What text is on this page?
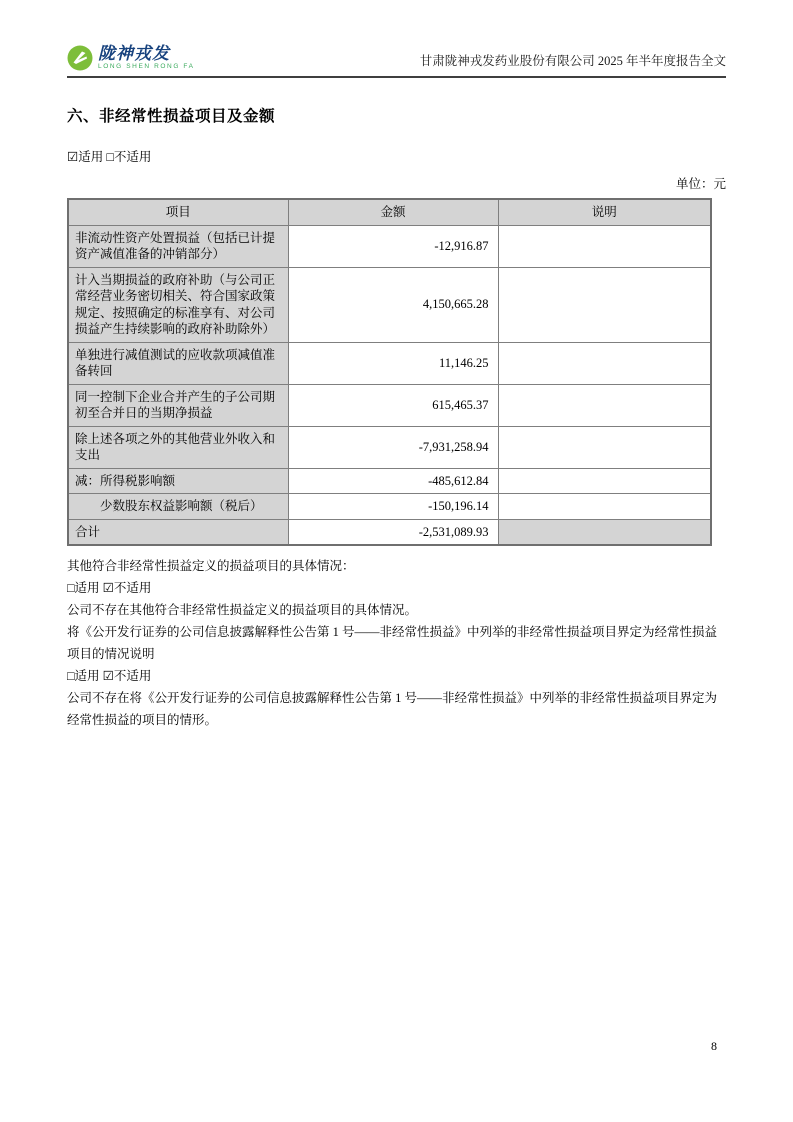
陇神戎发
LONG SHEN RONG FA	甘肃陇神戎发药业股份有限公司 2025 年半年度报告全文
六、非经常性损益项目及金额
☑适用 □不适用
单位：元
项目	金额	说明
非流动性资产处置损益（包括已计提资产减值准备的冲销部分）	-12,916.87	
计入当期损益的政府补助（与公司正常经营业务密切相关、符合国家政策规定、按照确定的标准享有、对公司损益产生持续影响的政府补助除外）	4,150,665.28	
单独进行减值测试的应收款项减值准备转回	11,146.25	
同一控制下企业合并产生的子公司期初至合并日的当期净损益	615,465.37	
除上述各项之外的其他营业外收入和支出	-7,931,258.94	
减：所得税影响额	-485,612.84	
　　少数股东权益影响额（税后）	-150,196.14	
合计	-2,531,089.93	

其他符合非经常性损益定义的损益项目的具体情况：

□适用 ☑不适用

公司不存在其他符合非经常性损益定义的损益项目的具体情况。

将《公开发行证券的公司信息披露解释性公告第 1 号——非经常性损益》中列举的非经常性损益项目界定为经常性损益项目的情况说明

□适用 ☑不适用

公司不存在将《公开发行证券的公司信息披露解释性公告第 1 号——非经常性损益》中列举的非经常性损益项目界定为经常性损益的项目的情形。

8
